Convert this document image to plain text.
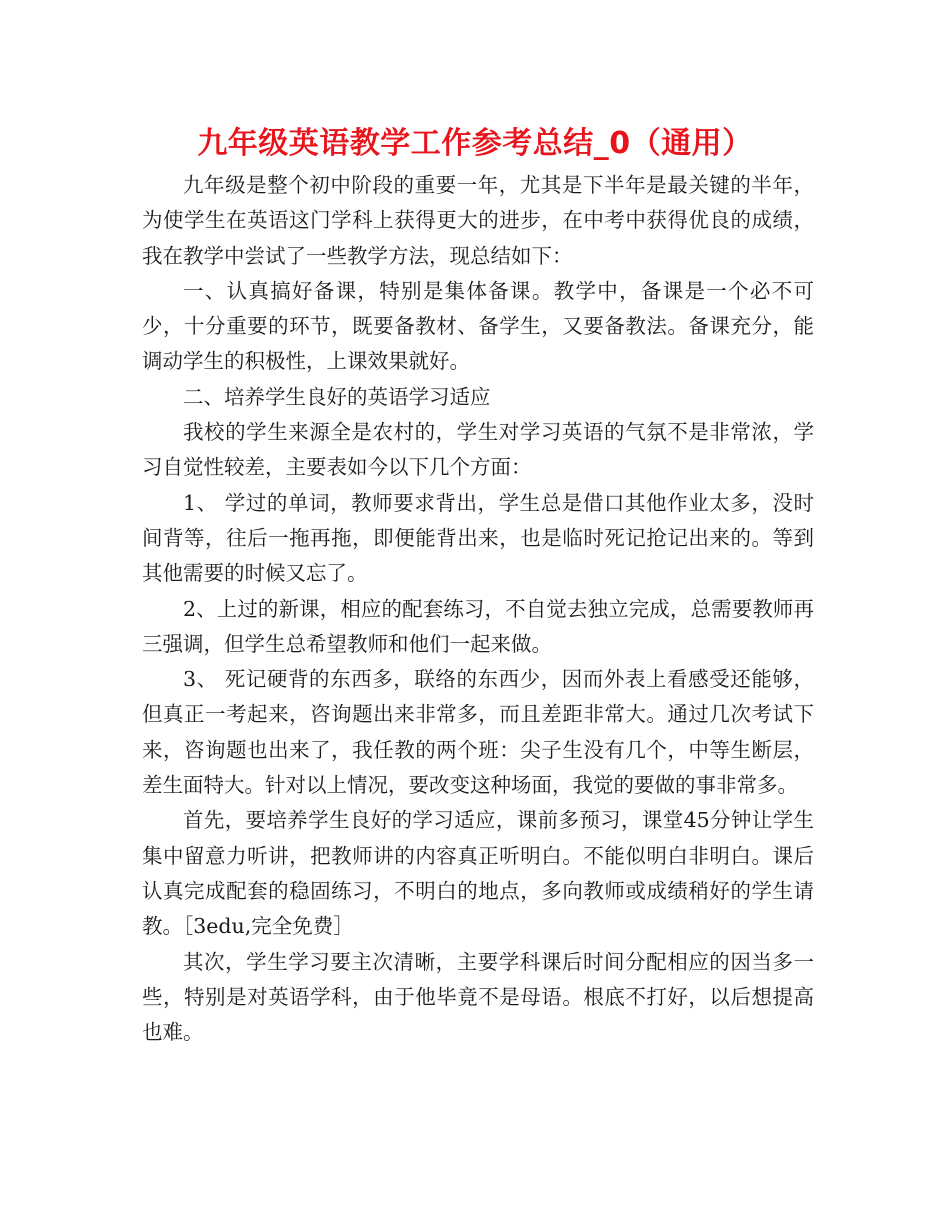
九年级英语教学工作参考总结_0（通用）

九年级是整个初中阶段的重要一年，尤其是下半年是最关键的半年，为使学生在英语这门学科上获得更大的进步，在中考中获得优良的成绩，我在教学中尝试了一些教学方法，现总结如下：

一、认真搞好备课，特别是集体备课。教学中，备课是一个必不可少，十分重要的环节，既要备教材、备学生，又要备教法。备课充分，能调动学生的积极性，上课效果就好。

二、培养学生良好的英语学习适应

我校的学生来源全是农村的，学生对学习英语的气氛不是非常浓，学习自觉性较差，主要表如今以下几个方面：

1、 学过的单词，教师要求背出，学生总是借口其他作业太多，没时间背等，往后一拖再拖，即便能背出来，也是临时死记抢记出来的。等到其他需要的时候又忘了。

2、上过的新课，相应的配套练习，不自觉去独立完成，总需要教师再三强调，但学生总希望教师和他们一起来做。

3、 死记硬背的东西多，联络的东西少，因而外表上看感受还能够，但真正一考起来，咨询题出来非常多，而且差距非常大。通过几次考试下来，咨询题也出来了，我任教的两个班：尖子生没有几个，中等生断层，差生面特大。针对以上情况，要改变这种场面，我觉的要做的事非常多。

首先，要培养学生良好的学习适应，课前多预习，课堂45分钟让学生集中留意力听讲，把教师讲的内容真正听明白。不能似明白非明白。课后认真完成配套的稳固练习，不明白的地点，多向教师或成绩稍好的学生请教。［3edu,完全免费］

其次，学生学习要主次清晰，主要学科课后时间分配相应的因当多一些，特别是对英语学科，由于他毕竟不是母语。根底不打好，以后想提高也难。
